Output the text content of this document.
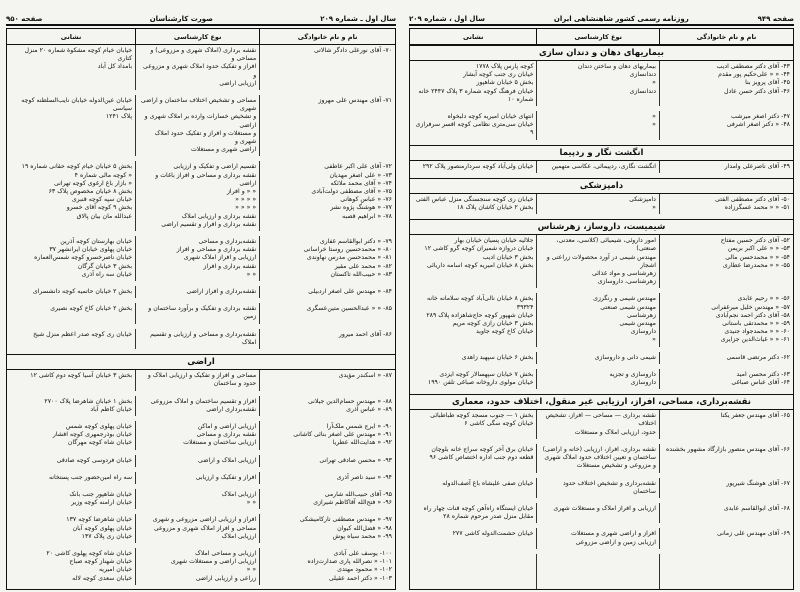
صفحه ۹۴۹
روزنامه رسمی کشور شاهنشاهی ایران
سال اول ، شماره ۲۰۹
نام و نام خانوادگی
نوع کارشناسی
نشانی
بیماریهای دهان و دندان سازی
۴۳- آقای دکتر مصطفی ادیب
۴۴- « « علی‌حکیم پور مقدم
۴۵- آقای پرویز بنا
۴۶- آقای دکتر حسن عادل
بیماریهای دهان و ساختن دندان
دندانسازی
«
دندانسازی
کوچه پارس پلاک ۱۷۷۸
خیابان ری جنب کوچه آبشار
بخش ۵ خیابان شاهپور
خیابان فرهنگ کوچه شماره ۳ پلاک ۲۴۴۷ خانه شماره ۱۰
۴۷- دکتر اصغر میرشب
۴۸- « دکتر اصغر اشرفی
«
«
انتهای خیابان امیریه کوچه دلبخواه
خیابان سی‌متری نظامی کوچه افسر سرفرازی ۹
انگشت نگار و ردپیما
۴۹- آقای ناصرعلی وامدار
انگشت نگاری، ردپیمائی، عکاسی متهمین
خیابان ولی‌آباد کوچه سردارمنصور پلاک ۲۹۲
دامپزشکی
۵۰- آقای دکتر مصطفی الفتی
۵۱- « « محمد عسگرزاده
دامپزشکی
«
خیابان ری کوچه سنجسنگی منزل عباس الفتی
بخش ۲ خیابان کاشان پلاک ۱۸
شیمیست، داروساز، زهرشناس
۵۲- آقای دکتر حسین مفتاح
۵۳- « « علی اکبر بریمن
۵۴- « « محمدحسن مالی
۵۵- « « محمدرضا عطاری
امور داروئی، شیمیائی (کلاسی، معدنی، صنعتی)
مهندس شیمی در آورد محصولات زراعتی و اشجار
زهرشناسی و مواد غذائی
زهرشناسی، داروسازی
جلالیه خیابان پسیان خیابان بهار
خیابان دروازه شمیران کوچه گرو کاشی ۱۲
بخش ۳ خیابان ادیب
بخش ۸ خیابان امیریه کوچه اسامه داریائی
۵۶- « « رحیم عابدی
۵۷- « مهندس خلیل میرغفرانی
۵۸- آقای دکتر احمد نجم‌آبادی
۵۹- « « محمدتقی باستانی
۶۰- « « محمدجواد جنیدی
۶۱- « « غیاث‌الدین جزایری
مهندس شیمی و رنگرزی
مهندس شیمی صنعتی
زهرشناسی
مهندس شیمی
داروسازی
«
بخش ۸ خیابان نالی‌آباد کوچه سلامانه خانه ۳۹۳۲۴
خیابان شهپور کوچه حاج‌شاهزاده پلاک ۲۸۹
بخش ۳ خیابان رازی کوچه مریم
خیابان کاخ کوچه جاوید
۶۲- دکتر مرتضی قاسمی
شیمی دانی و داروسازی
بخش ۶ خیابان سپهبد زاهدی
۶۳- دکتر محسن امید
۶۴- آقای عباس صباغی
داروسازی و تجزیه
داروسازی
بخش ۷ خیابان سپهسالار کوچه ایزدی
خیابان مولوی داروخانه صباغی تلفن ۱۹۹۰
نقشه‌برداری، مساحی، افراز، ارزیابی غیر منقول، اختلاف حدود، معماری
۶۵- آقای مهندس جعفر یکتا
نقشه برداری — مساحی — افراز، تشخیص اختلاف
حدود، ارزیابی املاک و مستغلات
بخش ۱ — جنوب مسجد کوچه طباطبائی
خیابان کوچه سگی کاشی ۶
۶۶- آقای مهندس منصور بازارگاد مشهور بخشنده
نقشه برداری، افراز، ارزیابی (خانه و اراضی)
ساختمان و تعیین اختلاف حدود املاک شهری
و مزروعی و تشخیص مستغلات
خیابان برق آخر کوچه سراج خانه بلوچان
قطعه دوم جنب اداره اختصاص کاشی ۹۶
۶۷- آقای هوشنگ شیرپور
نقشه‌برداری و تشخیص اختلاف حدود ساختمان
خیابان صفی علیشاه باغ آصف‌الدوله
۶۸- آقای ابوالقاسم عابدی
ارزیابی و افراز املاک و مستغلات شهری
خیابان ایستگاه راه‌آهن کوچه قنات چهار راه
مقابل منزل صدر مرحوم شماره ۲۸
۶۹- آقای مهندس علی زمانی
افراز و اراضی شهری و مستغلات
ارزیابی زمین و اراضی مزروعی
خیابان حشمت‌الدوله کاشی ۲۷۷
سال اول ـ شماره ۲۰۹
صورت کارشناسان
صفحه ۹۵۰
نام و نام خانوادگی
نوع کارشناسی
نشانی
۷۰- آقای نورعلی دادگر شالاتی
نقشه برداری (املاک شهری و مزروعی) و مساحی و
افراز و تفکیک حدود املاک شهری و مزروعی و
ارزیابی اراضی
خیابان خیام کوچه مشکوة شماره ۲۰ منزل کتاری
بامداد کل آباد
۷۱- آقای مهندس علی مهروز
مساحی و تشخیص اختلاف ساختمان و اراضی شهری
و تشخیص خسارات وارده بر املاک شهری و اراضی
و مستغلات و افراز و تفکیک حدود املاک شهری و
اراضی شهری و مستغلات
خیابان عین‌الدوله خیابان نایب‌السلطنه کوچه سیاسی
پلاک ۱۲۴۱
۷۲- آقای علی اکبر عاطفی
۷۳- « علی اصغر مهدیان
۷۴- « آقای محمد ملائکه
۷۵- « آقای مصطفی دولت‌آبادی
۷۶- « عباس کوهانی
۷۷- « هوشنگ پژوه نشر
۷۸- « ابراهیم قصبه
تقسیم اراضی و تفکیک و ارزیابی
نقشه برداری و مساحی و افراز باغات و اراضی
« « و افراز
« « « «
« « « «
نقشه برداری و ارزیابی املاک
نقشه برداری و افراز و تقسیم اراضی
بخش ۵ خیابان خیام کوچه حقانی شماره ۱۹
« کوچه مالی شماره ۴
« بازار باغ ارغوی کوچه تهرانی
بخش ۸ خیابان مخصوص پلاک ۶۳
خیابان سپه کوچه قنبری
بخش ۹ کوچه آقای خسرو
عبدالله مان بیان پالاق
۷۹- « دکتر ابوالقاسم غفاری
۸۰- « محمدحسین روستا خراسانی
۸۱- « محمدحسن مدرس نهاوندی
۸۲- « محمد علی مقیر
۸۳- « حبیب‌الله تاکستان
نقشه‌برداری و مساحی
نقشه برداری و مساحی و افراز
ارزیابی و افراز املاک شهری
نقشه برداری و افراز
« «
خیابان بهارستان کوچه آذرین
خیابان پهلوی خیابان ایرانشهر ۳۷
خیابان ناصرخسرو کوچه شمس‌العماره
بخش ۳ خیابان گرگان
خیابان سه راه آذری
۸۴- « مهندس علی اصغر اردبیلی
نقشه‌برداری و افراز اراضی
بخش ۲ خیابان حاتمیه کوچه دانشسرای
۸۵- « « عبدالحسین متین‌عسگری
نقشه برداری و تفکیک و برآورد ساختمان و زمین
بخش ۲ خیابان کاخ کوچه نصیری
۸۶- آقای احمد میرور
نقشه‌برداری و مساحی و ارزیابی و تقسیم املاک
خیابان ری کوچه صدر اعظم منزل شیخ
اراضی
۸۷- « اسکندر مؤیدی
مساحی و افراز و تفکیک و ارزیابی املاک و
حدود و ساختمان
بخش ۳ خیابان آسیا کوچه دوم کاشی ۱۲
۸۸- « مهندس حسام‌الدین جیلانی
۸۹- « عباس آذری
افراز و تقسیم ساختمان و املاک مزروعی
نقشه‌برداری اراضی
بخش ۱ خیابان شاهرضا پلاک ۲۷۰۰
خیابان کاظم آباد
۹۰- « ایرج شمس ملک‌آرا
۹۱- « مهندس علی اصغر بنائی کاشانی
۹۲- « هدایت‌الله عطریا
ارزیابی اراضی و اماکن
نقشه برداری و مساحی
ارزیابی ساختمان و مستغلات
خیابان پهلوی کوچه شمس
خیابان بوذرجمهری کوچه افشار
خیابان شاه کوچه مهرگان
۹۳- « محسن صادقی تهرانی
ارزیابی املاک و اراضی
خیابان فردوسی کوچه صادقی
۹۴- « سید ناصر آذری
افراز و تفکیک و ارزیابی
سه راه امین‌حضور جنب پستخانه
۹۵- آقای حبیب‌الله شارمی
۹۶- « فتح‌الله آقاکاظم شیرازی
ارزیابی املاک
« «
خیابان شاهپور جنب بانک
خیابان ارامنه کوچه وزیر
۹۷- « مهندس مصطفی تارکامیشکی
۹۸- « فضل‌الله کیوان
۹۹- « محمد سیاه پوش
افراز و ارزیابی اراضی مزروعی و شهری
مساحی و افراز املاک شهری و مزروعی
ارزیابی املاک
خیابان شاهرضا کوچه ۱۳۷
خیابان پهلوی کوچه آبان
خیابان ری پلاک ۱۴۷
۱۰۰- یوسف علی آبادی
۱۰۱- « نصرالله پاری صدارت‌زاده
۱۰۲- « محمود مهتدی
۱۰۳- « دکتر احمد عقیلی
ارزیابی و مساحی املاک
ارزیابی اراضی و مستغلات شهری
« «
زراعی و ارزیابی اراضی
خیابان شاه کوچه پهلوی کاشی ۲۰
خیابان شهناز کوچه صباح
خیابان امیریه
خیابان سعدی کوچه لاله
